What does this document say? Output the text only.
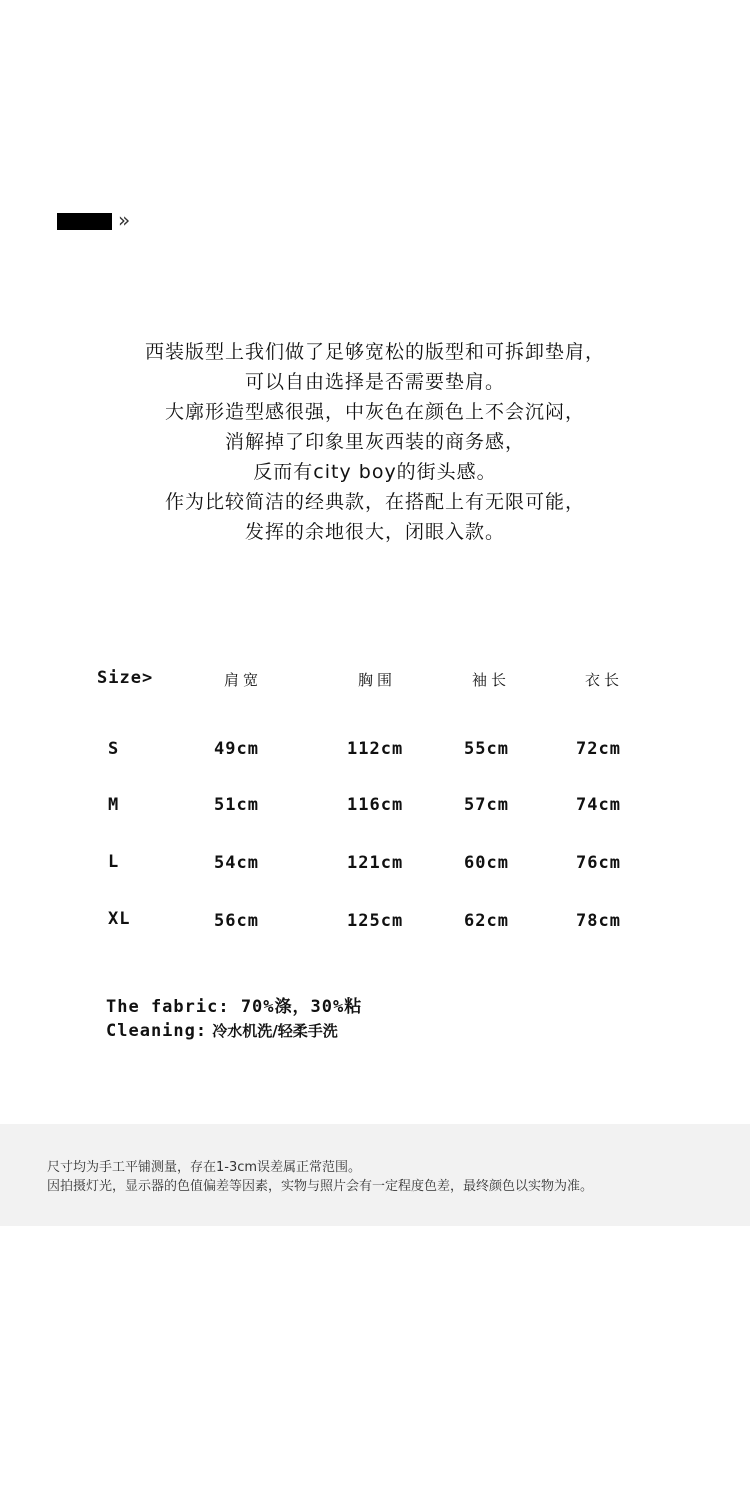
»
西装版型上我们做了足够宽松的版型和可拆卸垫肩，
可以自由选择是否需要垫肩。
大廓形造型感很强，中灰色在颜色上不会沉闷，
消解掉了印象里灰西装的商务感，
反而有city boy的街头感。
作为比较简洁的经典款，在搭配上有无限可能，
发挥的余地很大，闭眼入款。
Size>	肩宽	胸围	袖长	衣长
S	49cm	112cm	55cm	72cm
M	51cm	116cm	57cm	74cm
L	54cm	121cm	60cm	76cm
XL	56cm	125cm	62cm	78cm
The fabric: 70%涤，30%粘
Cleaning: 冷水机洗/轻柔手洗
尺寸均为手工平铺测量，存在1-3cm误差属正常范围。
因拍摄灯光，显示器的色值偏差等因素，实物与照片会有一定程度色差，最终颜色以实物为准。
